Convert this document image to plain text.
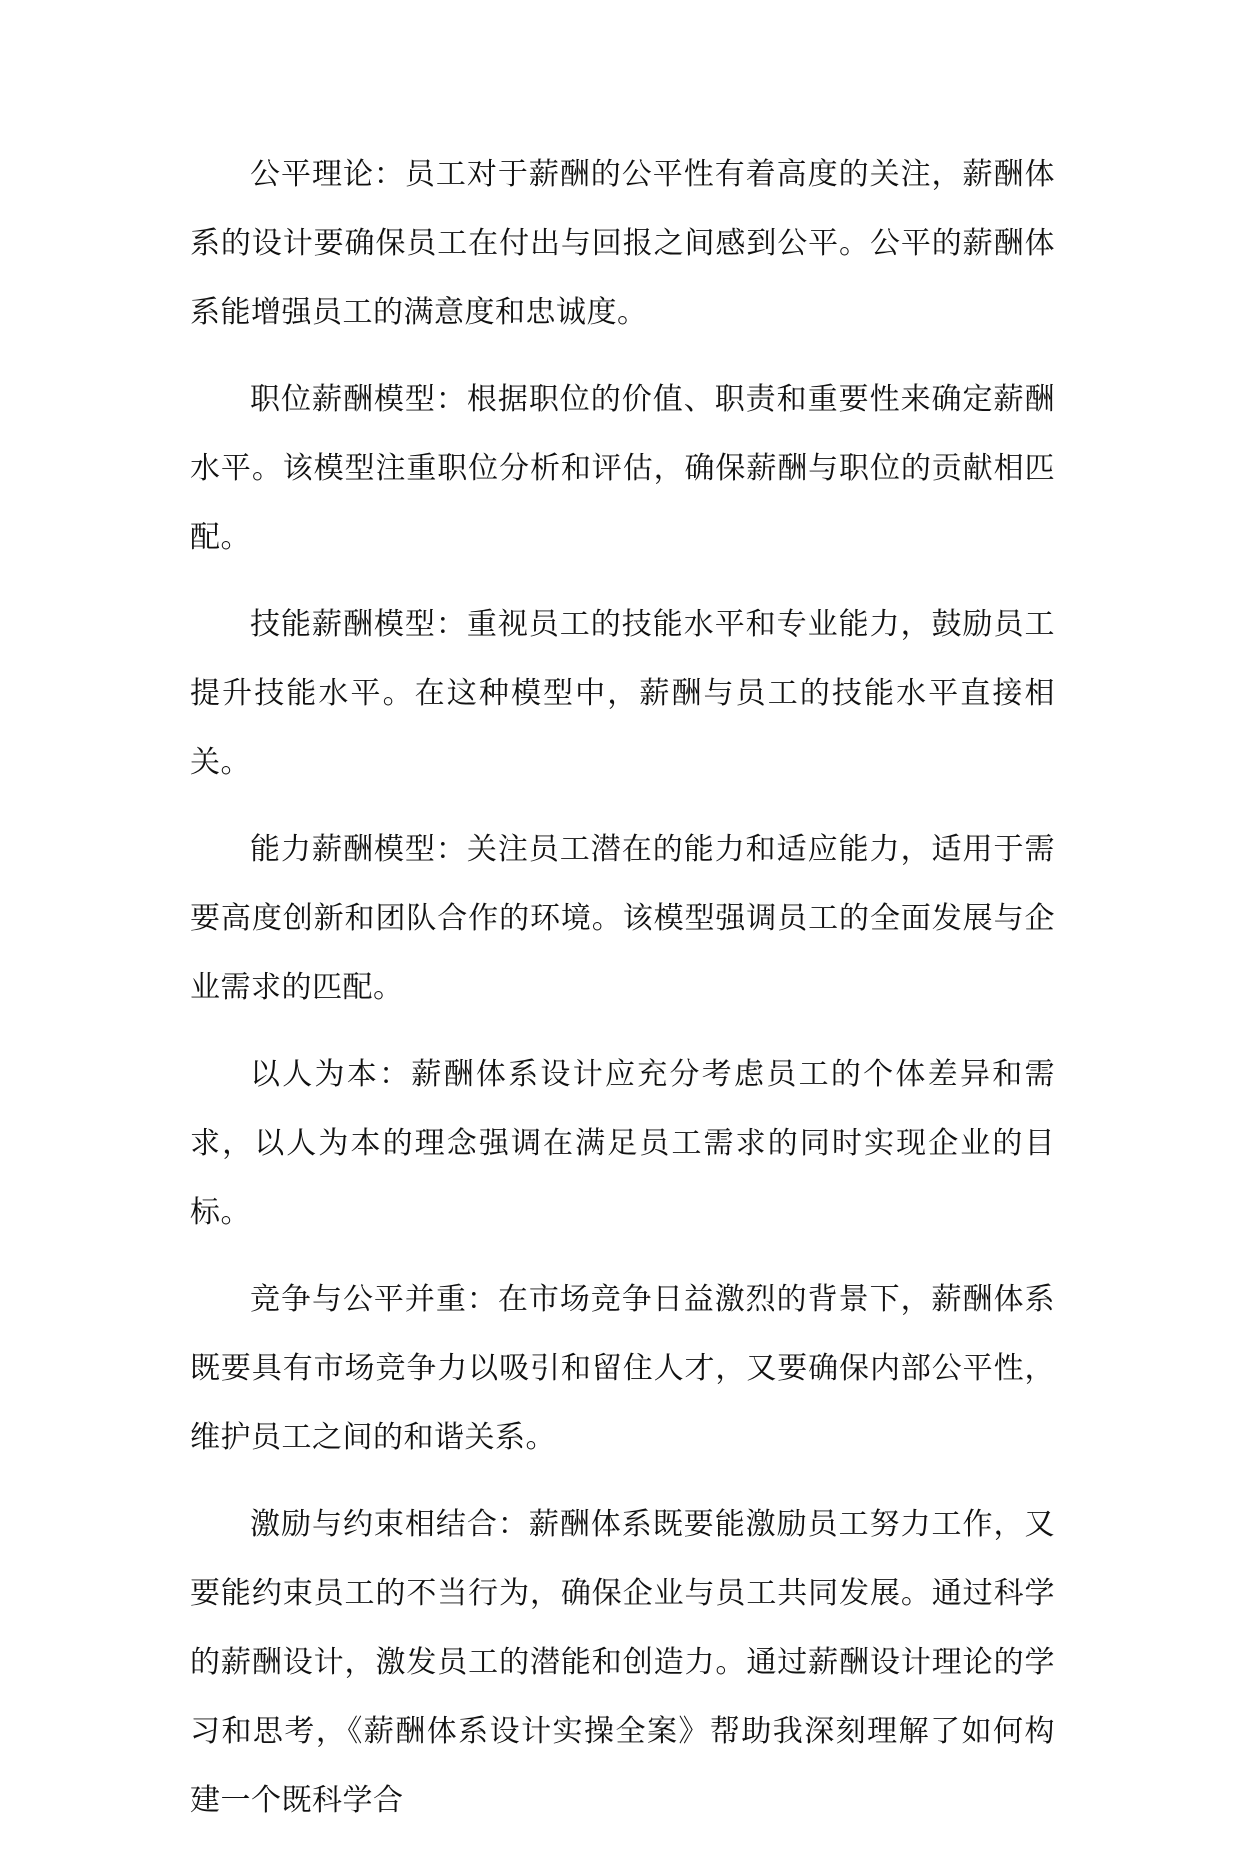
公平理论：员工对于薪酬的公平性有着高度的关注，薪酬体系的设计要确保员工在付出与回报之间感到公平。公平的薪酬体系能增强员工的满意度和忠诚度。

职位薪酬模型：根据职位的价值、职责和重要性来确定薪酬水平。该模型注重职位分析和评估，确保薪酬与职位的贡献相匹配。

技能薪酬模型：重视员工的技能水平和专业能力，鼓励员工提升技能水平。在这种模型中，薪酬与员工的技能水平直接相关。

能力薪酬模型：关注员工潜在的能力和适应能力，适用于需要高度创新和团队合作的环境。该模型强调员工的全面发展与企业需求的匹配。

以人为本：薪酬体系设计应充分考虑员工的个体差异和需求，以人为本的理念强调在满足员工需求的同时实现企业的目标。

竞争与公平并重：在市场竞争日益激烈的背景下，薪酬体系既要具有市场竞争力以吸引和留住人才，又要确保内部公平性，维护员工之间的和谐关系。

激励与约束相结合：薪酬体系既要能激励员工努力工作，又要能约束员工的不当行为，确保企业与员工共同发展。通过科学的薪酬设计，激发员工的潜能和创造力。通过薪酬设计理论的学习和思考，《薪酬体系设计实操全案》帮助我深刻理解了如何构建一个既科学合
